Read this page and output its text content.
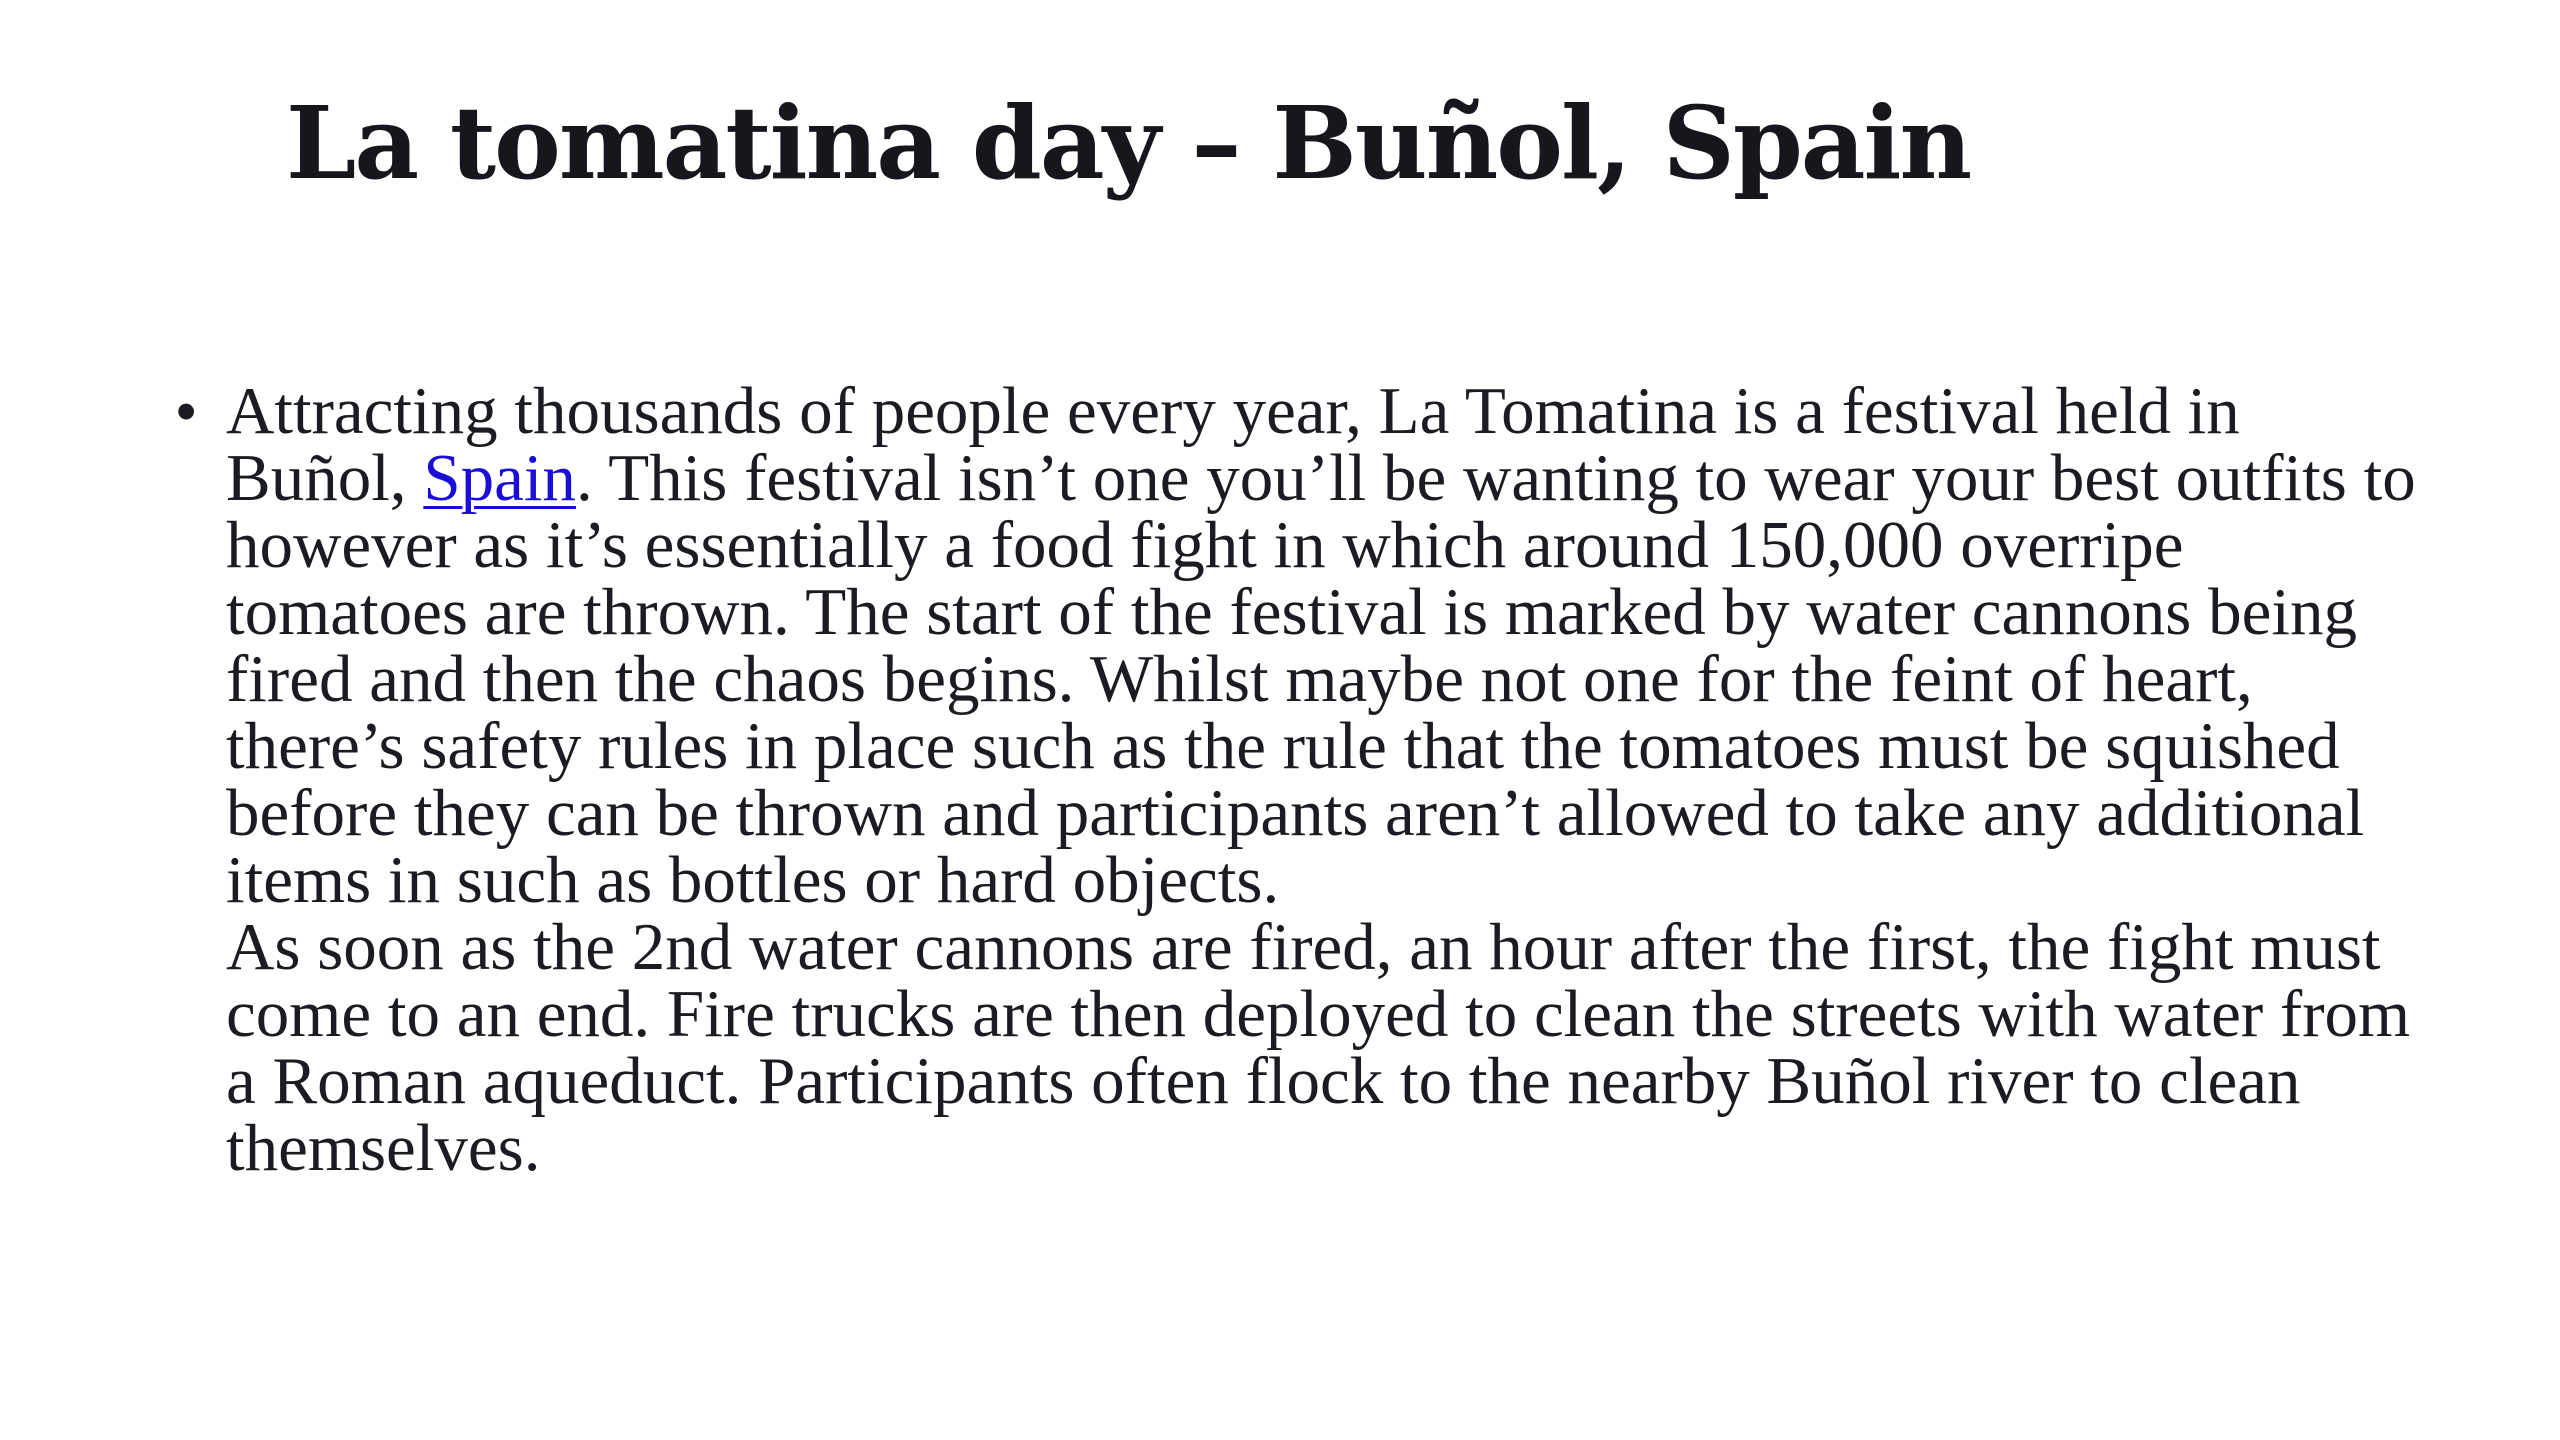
La tomatina day – Buñol, Spain
• Attracting thousands of people every year, La Tomatina is a festival held in Buñol, Spain. This festival isn’t one you’ll be wanting to wear your best outfits to however as it’s essentially a food fight in which around 150,000 overripe tomatoes are thrown. The start of the festival is marked by water cannons being fired and then the chaos begins. Whilst maybe not one for the feint of heart, there’s safety rules in place such as the rule that the tomatoes must be squished before they can be thrown and participants aren’t allowed to take any additional items in such as bottles or hard objects.

As soon as the 2nd water cannons are fired, an hour after the first, the fight must come to an end. Fire trucks are then deployed to clean the streets with water from a Roman aqueduct. Participants often flock to the nearby Buñol river to clean themselves.
